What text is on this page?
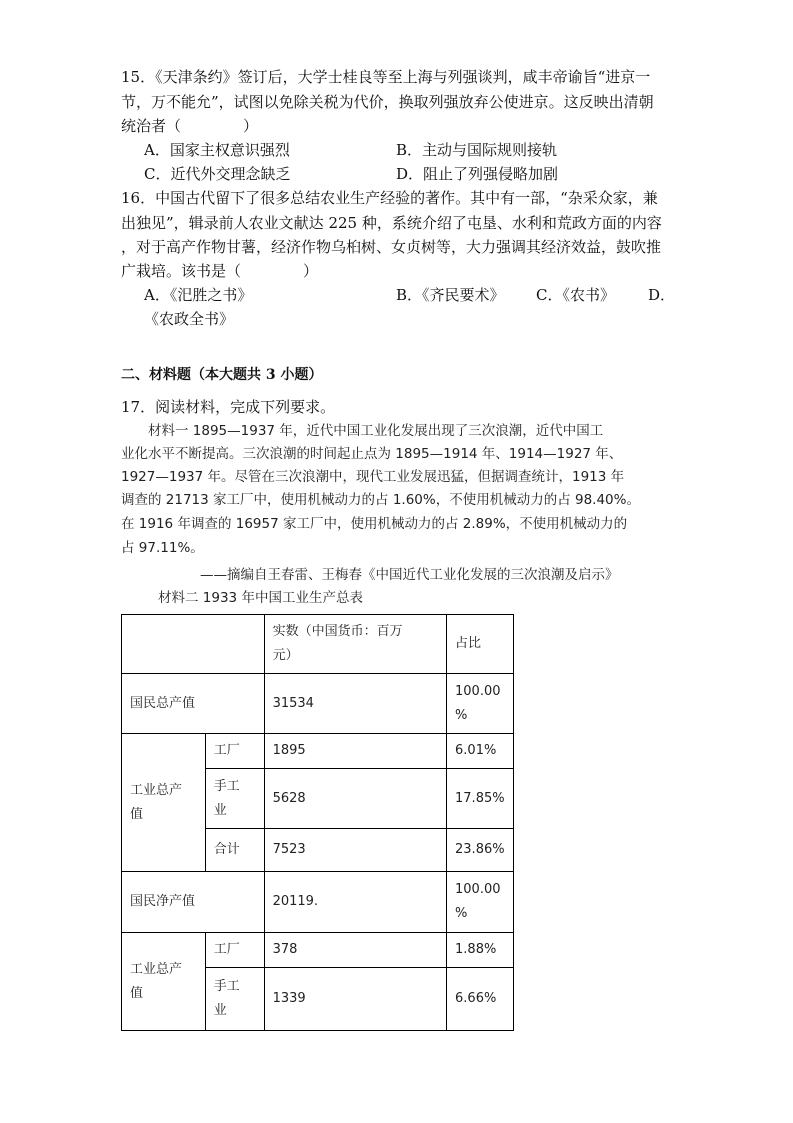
15．《天津条约》签订后，大学士桂良等至上海与列强谈判，咸丰帝谕旨“进京一
节，万不能允”，试图以免除关税为代价，换取列强放弃公使进京。这反映出清朝
统治者（	）
A．国家主权意识强烈	B．主动与国际规则接轨
C．近代外交理念缺乏	D．阻止了列强侵略加剧
16．中国古代留下了很多总结农业生产经验的著作。其中有一部，“杂采众家，兼
出独见”，辑录前人农业文献达 225 种，系统介绍了屯垦、水利和荒政方面的内容
，对于高产作物甘薯，经济作物乌桕树、女贞树等，大力强调其经济效益，鼓吹推
广栽培。该书是（	）
A．《汜胜之书》	B．《齐民要术》 C．《农书》 D．
《农政全书》
二、材料题（本大题共 3 小题）
17．阅读材料，完成下列要求。
材料一 1895—1937 年，近代中国工业化发展出现了三次浪潮，近代中国工
业化水平不断提高。三次浪潮的时间起止点为 1895—1914 年、1914—1927 年、
1927—1937 年。尽管在三次浪潮中，现代工业发展迅猛，但据调查统计，1913 年
调查的 21713 家工厂中，使用机械动力的占 1.60%，不使用机械动力的占 98.40%。
在 1916 年调查的 16957 家工厂中，使用机械动力的占 2.89%，不使用机械动力的
占 97.11%。
——摘编自王春雷、王梅春《中国近代工业化发展的三次浪潮及启示》
材料二 1933 年中国工业生产总表
		实数（中国货币：百万
元）	占比
国民总产值		31534	100.00
%
工业总产
值	工厂	1895	6.01%
	手工
业	5628	17.85%
	合计	7523	23.86%
国民净产值		20119.	100.00
%
工业总产
值	工厂	378	1.88%
	手工
业	1339	6.66%
